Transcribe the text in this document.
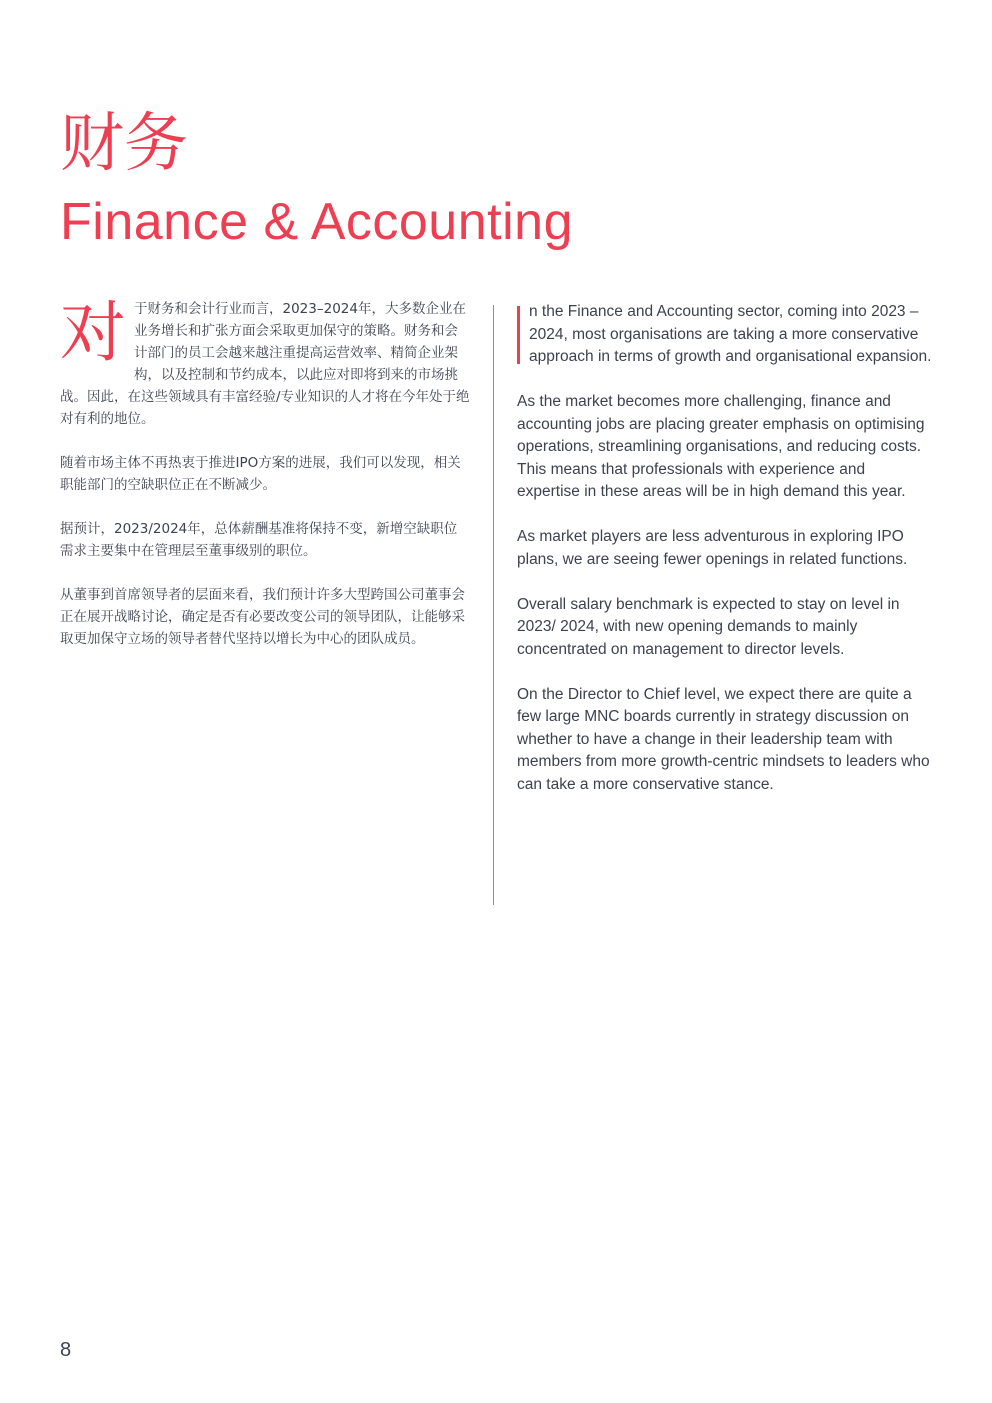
财务
Finance & Accounting

对于财务和会计行业而言，2023–2024年，大多数企业在业务增长和扩张方面会采取更加保守的策略。财务和会计部门的员工会越来越注重提高运营效率、精简企业架构，以及控制和节约成本，以此应对即将到来的市场挑战。因此，在这些领域具有丰富经验/专业知识的人才将在今年处于绝对有利的地位。

随着市场主体不再热衷于推进IPO方案的进展，我们可以发现，相关职能部门的空缺职位正在不断减少。

据预计，2023/2024年，总体薪酬基准将保持不变，新增空缺职位需求主要集中在管理层至董事级别的职位。

从董事到首席领导者的层面来看，我们预计许多大型跨国公司董事会正在展开战略讨论，确定是否有必要改变公司的领导团队，让能够采取更加保守立场的领导者替代坚持以增长为中心的团队成员。

n the Finance and Accounting sector, coming into 2023 – 2024, most organisations are taking a more conservative approach in terms of growth and organisational expansion.

As the market becomes more challenging, finance and accounting jobs are placing greater emphasis on optimising operations, streamlining organisations, and reducing costs. This means that professionals with experience and expertise in these areas will be in high demand this year.

As market players are less adventurous in exploring IPO plans, we are seeing fewer openings in related functions.

Overall salary benchmark is expected to stay on level in 2023/ 2024, with new opening demands to mainly concentrated on management to director levels.

On the Director to Chief level, we expect there are quite a few large MNC boards currently in strategy discussion on whether to have a change in their leadership team with members from more growth-centric mindsets to leaders who can take a more conservative stance.

8
